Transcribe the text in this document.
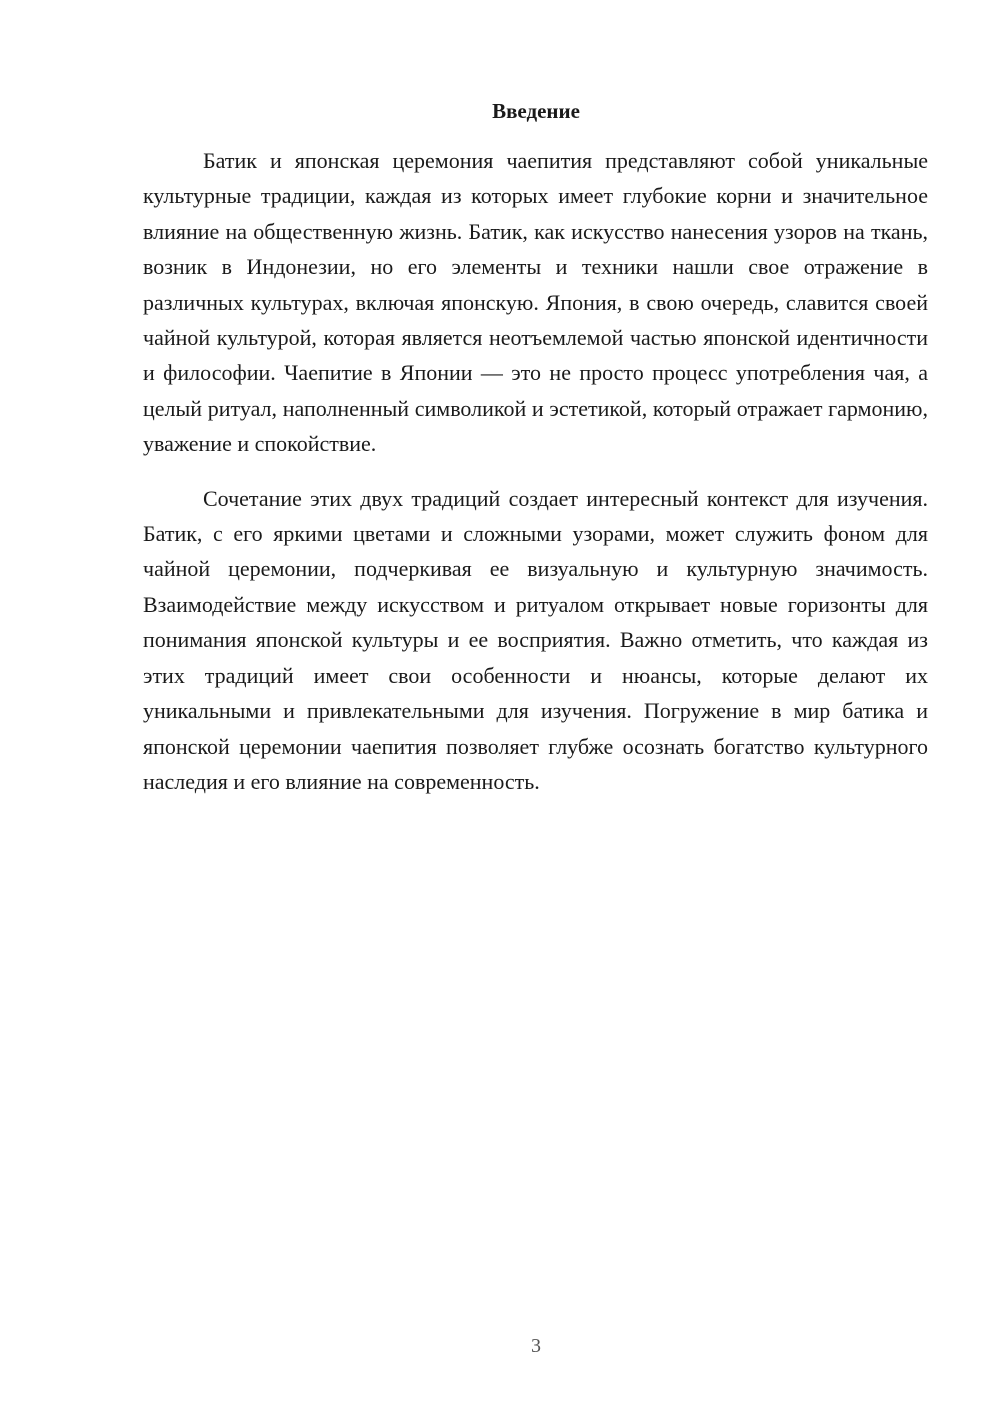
Введение

Батик и японская церемония чаепития представляют собой уникальные культурные традиции, каждая из которых имеет глубокие корни и значительное влияние на общественную жизнь. Батик, как искусство нанесения узоров на ткань, возник в Индонезии, но его элементы и техники нашли свое отражение в различных культурах, включая японскую. Япония, в свою очередь, славится своей чайной культурой, которая является неотъемлемой частью японской идентичности и философии. Чаепитие в Японии — это не просто процесс употребления чая, а целый ритуал, наполненный символикой и эстетикой, который отражает гармонию, уважение и спокойствие.

Сочетание этих двух традиций создает интересный контекст для изучения. Батик, с его яркими цветами и сложными узорами, может служить фоном для чайной церемонии, подчеркивая ее визуальную и культурную значимость. Взаимодействие между искусством и ритуалом открывает новые горизонты для понимания японской культуры и ее восприятия. Важно отметить, что каждая из этих традиций имеет свои особенности и нюансы, которые делают их уникальными и привлекательными для изучения. Погружение в мир батика и японской церемонии чаепития позволяет глубже осознать богатство культурного наследия и его влияние на современность.

3
